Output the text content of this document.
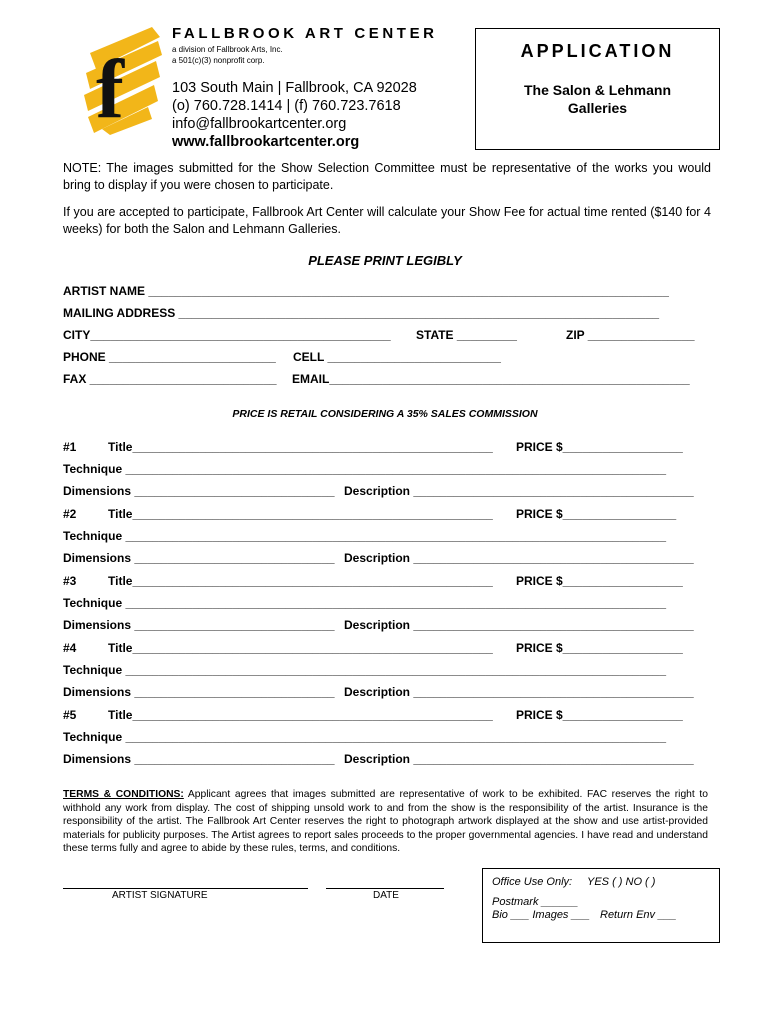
f
FALLBROOK ART CENTER
a division of Fallbrook Arts, Inc.
a 501(c)(3) nonprofit corp.
103 South Main | Fallbrook, CA 92028
(o) 760.728.1414 | (f) 760.723.7618
info@fallbrookartcenter.org
www.fallbrookartcenter.org
APPLICATION
The Salon & Lehmann
Galleries
NOTE: The images submitted for the Show Selection Committee must be representative of the works you would bring to display if you were chosen to participate.
If you are accepted to participate, Fallbrook Art Center will calculate your Show Fee for actual time rented ($140 for 4 weeks) for both the Salon and Lehmann Galleries.
PLEASE PRINT LEGIBLY
ARTIST NAME ______________________________________________________________________________
MAILING ADDRESS ________________________________________________________________________
CITY_____________________________________________ STATE _________	ZIP ________________
PHONE _________________________ CELL __________________________
FAX ____________________________ EMAIL______________________________________________________
PRICE IS RETAIL CONSIDERING A 35% SALES COMMISSION
#1	Title______________________________________________________ PRICE $__________________
Technique _________________________________________________________________________________
Dimensions ______________________________ Description __________________________________________
#2	Title______________________________________________________ PRICE $_________________
Technique _________________________________________________________________________________
Dimensions ______________________________ Description __________________________________________
#3	Title______________________________________________________ PRICE $__________________
Technique _________________________________________________________________________________
Dimensions ______________________________ Description __________________________________________
#4	Title______________________________________________________ PRICE $__________________
Technique _________________________________________________________________________________
Dimensions ______________________________ Description __________________________________________
#5	Title______________________________________________________ PRICE $__________________
Technique _________________________________________________________________________________
Dimensions ______________________________ Description __________________________________________
TERMS & CONDITIONS: Applicant agrees that images submitted are representative of work to be exhibited. FAC reserves the right to withhold any work from display. The cost of shipping unsold work to and from the show is the responsibility of the artist. Insurance is the responsibility of the artist. The Fallbrook Art Center reserves the right to photograph artwork displayed at the show and use artist-provided materials for publicity purposes. The Artist agrees to report sales proceeds to the proper governmental agencies. I have read and understand these terms fully and agree to abide by these rules, terms, and conditions.
ARTIST SIGNATURE	DATE
Office Use Only: YES ( ) NO ( )
Postmark ______
Bio ___ Images ___ Return Env ___
